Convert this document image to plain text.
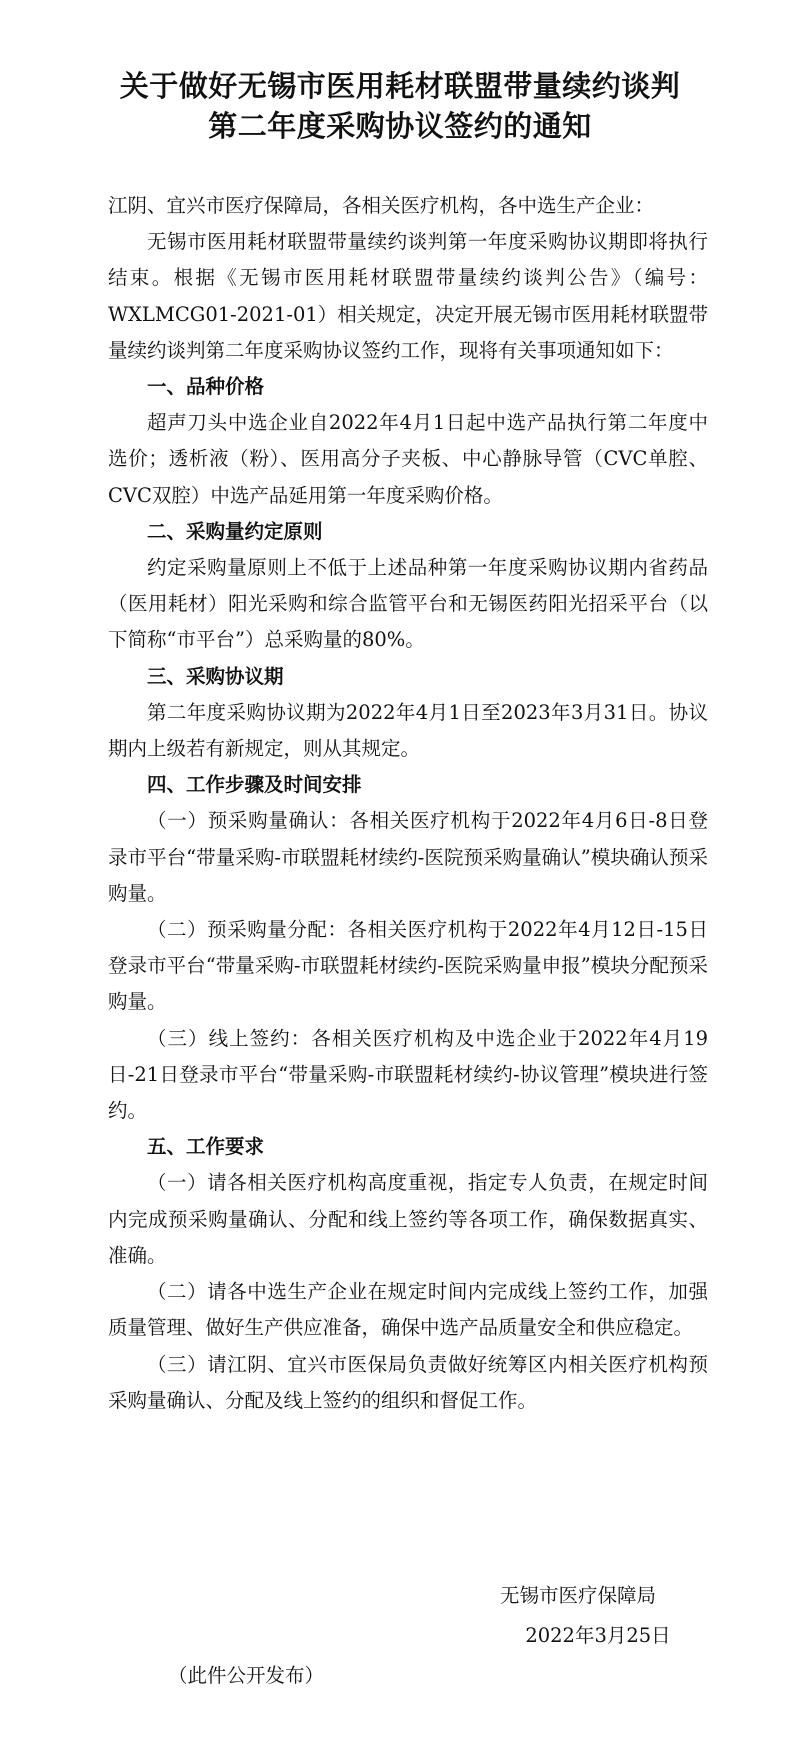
关于做好无锡市医用耗材联盟带量续约谈判
第二年度采购协议签约的通知

江阴、宜兴市医疗保障局，各相关医疗机构，各中选生产企业：

无锡市医用耗材联盟带量续约谈判第一年度采购协议期即将执行结束。根据《无锡市医用耗材联盟带量续约谈判公告》（编号：WXLMCG01-2021-01）相关规定，决定开展无锡市医用耗材联盟带量续约谈判第二年度采购协议签约工作，现将有关事项通知如下：

一、品种价格

超声刀头中选企业自2022年4月1日起中选产品执行第二年度中选价；透析液（粉）、医用高分子夹板、中心静脉导管（CVC单腔、CVC双腔）中选产品延用第一年度采购价格。

二、采购量约定原则

约定采购量原则上不低于上述品种第一年度采购协议期内省药品（医用耗材）阳光采购和综合监管平台和无锡医药阳光招采平台（以下简称“市平台”）总采购量的80%。

三、采购协议期

第二年度采购协议期为2022年4月1日至2023年3月31日。协议期内上级若有新规定，则从其规定。

四、工作步骤及时间安排

（一）预采购量确认：各相关医疗机构于2022年4月6日-8日登录市平台“带量采购-市联盟耗材续约-医院预采购量确认”模块确认预采购量。

（二）预采购量分配：各相关医疗机构于2022年4月12日-15日登录市平台“带量采购-市联盟耗材续约-医院采购量申报”模块分配预采购量。

（三）线上签约：各相关医疗机构及中选企业于2022年4月19日-21日登录市平台“带量采购-市联盟耗材续约-协议管理”模块进行签约。

五、工作要求

（一）请各相关医疗机构高度重视，指定专人负责，在规定时间内完成预采购量确认、分配和线上签约等各项工作，确保数据真实、准确。

（二）请各中选生产企业在规定时间内完成线上签约工作，加强质量管理、做好生产供应准备，确保中选产品质量安全和供应稳定。

（三）请江阴、宜兴市医保局负责做好统筹区内相关医疗机构预采购量确认、分配及线上签约的组织和督促工作。

无锡市医疗保障局
2022年3月25日
（此件公开发布）
